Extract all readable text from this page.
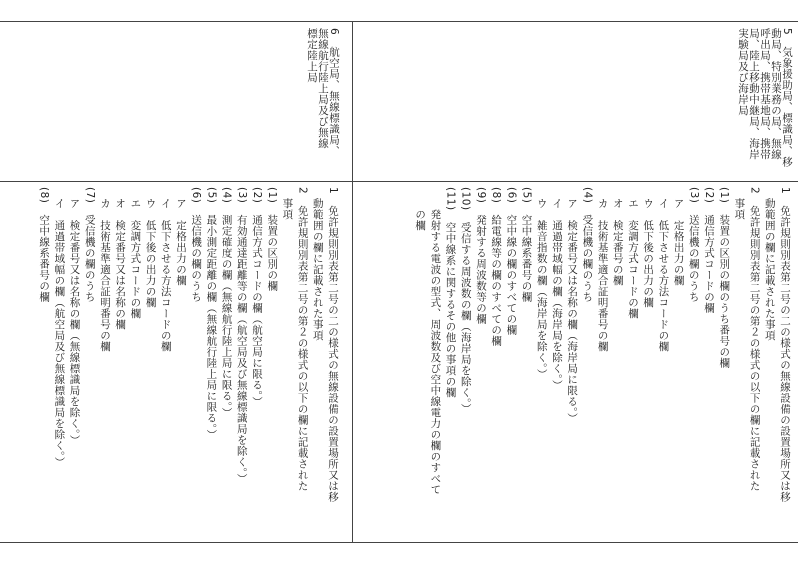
5　気象援助局、標識局、移
動局、特別業務の局、無線
呼出局、携帯基地局、携帯
局、陸上移動中継局、海岸
実験局及び海岸局
1　免許規則別表第二号の二の様式の無線設備の設置場所又は移
　動範囲の欄に記載された事項
2　免許規則別表第二号の第２の様式の以下の欄に記載された
　事項
(1)　装置の区別の欄のうち番号の欄
(2)　通信方式コードの欄
(3)　送信機の欄のうち
　ア　定格出力の欄
　イ　低下させる方法コードの欄
　ウ　低下後の出力の欄
　エ　変調方式コードの欄
　オ　検定番号の欄
　カ　技術基準適合証明番号の欄
(4)　受信機の欄のうち
　ア　検定番号又は名称の欄（海岸局に限る。）
　イ　通過帯域幅の欄（海岸局を除く。）
　ウ　雑音指数の欄（海岸局を除く。）
(5)　空中線系番号の欄
(6)　空中線の欄のすべての欄
(8)　給電線等の欄のすべての欄
(9)　発射する周波数等の欄
(10)　受信する周波数の欄（海岸局を除く。）
(11)　空中線系に関するその他の事項の欄
　　発射する電波の型式、周波数及び空中線電力の欄のすべて
　　の欄
6　航空局、無線標識局、
無線航行陸上局及び無線
標定陸上局
1　免許規則別表第二号の二の様式の無線設備の設置場所又は移
　動範囲の欄に記載された事項
2　免許規則別表第二号の第２の様式の以下の欄に記載された
　事項
(1)　装置の区別の欄
(2)　通信方式コードの欄（航空局に限る。）
(3)　有効通達距離等の欄（航空局及び無線標識局を除く。）
(4)　測定確度の欄（無線航行陸上局に限る。）
(5)　最小測定距離の欄（無線航行陸上局に限る。）
(6)　送信機の欄のうち
　ア　定格出力の欄
　イ　低下させる方法コードの欄
　ウ　低下後の出力の欄
　エ　変調方式コードの欄
　オ　検定番号又は名称の欄
　カ　技術基準適合証明番号の欄
(7)　受信機の欄のうち
　ア　検定番号又は名称の欄（無線標識局を除く。）
　イ　通過帯域幅の欄（航空局及び無線標識局を除く。）
(8)　空中線系番号の欄
